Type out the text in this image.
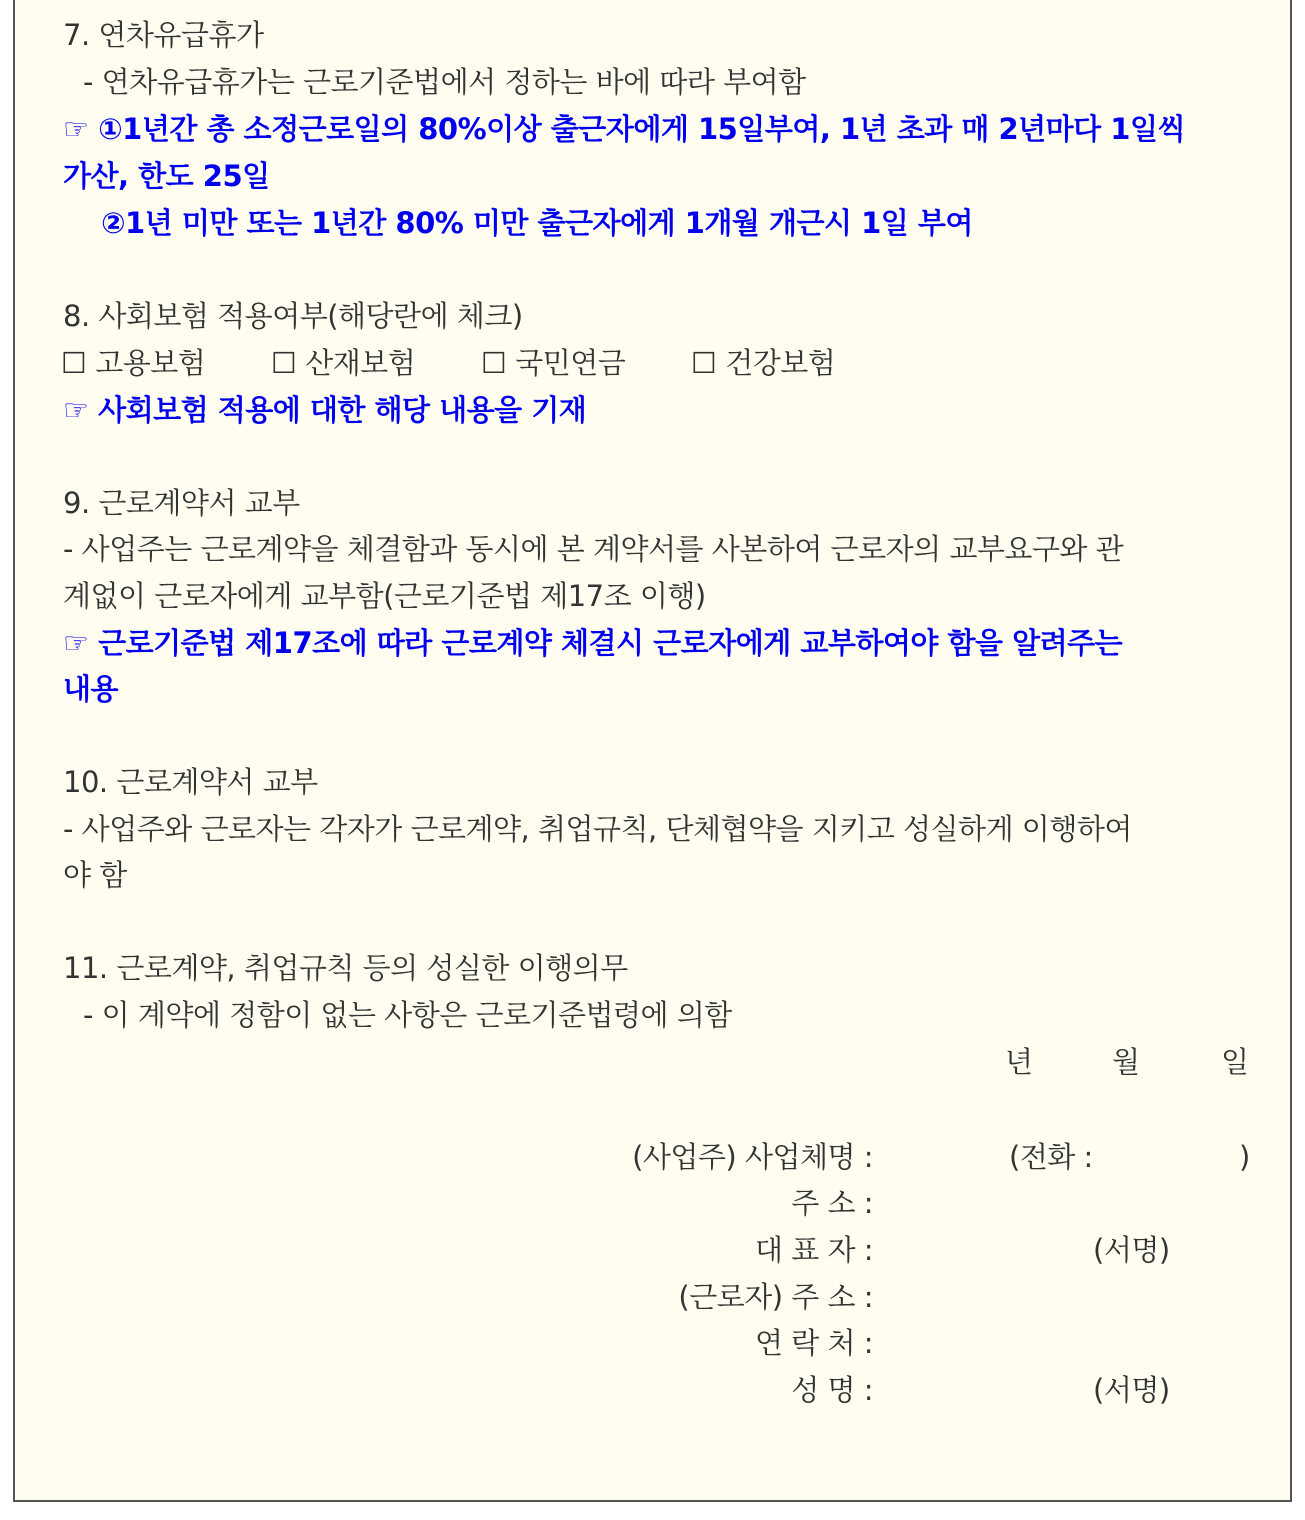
7. 연차유급휴가
- 연차유급휴가는 근로기준법에서 정하는 바에 따라 부여함
☞ ①1년간 총 소정근로일의 80%이상 출근자에게 15일부여, 1년 초과 매 2년마다 1일씩
가산, 한도 25일
②1년 미만 또는 1년간 80% 미만 출근자에게 1개월 개근시 1일 부여
8. 사회보험 적용여부(해당란에 체크)
☐ 고용보험 ☐ 산재보험 ☐ 국민연금 ☐ 건강보험
☞ 사회보험 적용에 대한 해당 내용을 기재
9. 근로계약서 교부
- 사업주는 근로계약을 체결함과 동시에 본 계약서를 사본하여 근로자의 교부요구와 관
계없이 근로자에게 교부함(근로기준법 제17조 이행)
☞ 근로기준법 제17조에 따라 근로계약 체결시 근로자에게 교부하여야 함을 알려주는
내용
10. 근로계약서 교부
- 사업주와 근로자는 각자가 근로계약, 취업규칙, 단체협약을 지키고 성실하게 이행하여
야 함
11. 근로계약, 취업규칙 등의 성실한 이행의무
- 이 계약에 정함이 없는 사항은 근로기준법령에 의함
년	월	일
(사업주) 사업체명 :	(전화 :	)
주 소 :
대 표 자 :	(서명)
(근로자) 주 소 :
연 락 처 :
성 명 :	(서명)
